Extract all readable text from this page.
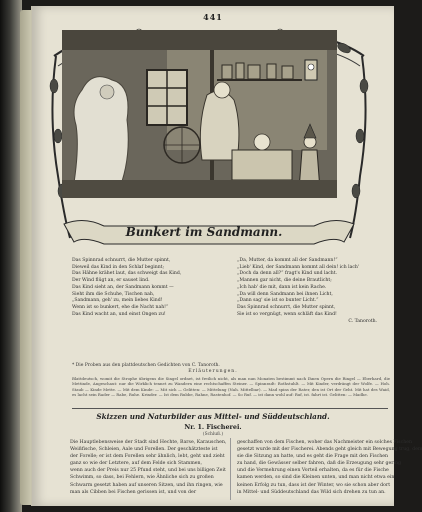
441
Bunkert im Sandmann.
Das Spinnrad schnurrt, die Mutter spinnt,
Dieweil das Kind in den Schlaf beginnt;
Das Hähne krähet laut, das schweigt das Kind,
Der Wind flügt an, er sauset lind.
Das Kind sieht an, der Sandmann kommt —
Sieht ihm die Schuhe, Tischen nah,
„Sandmann, geh' zu, mein liebes Kind!
Wenn ist so bunkert, ehe die Nacht nah!“
Das Kind wacht an, und einst Ongen zu!
„Da, Mutter, da kommt all der Sandmann!“
„Lieb' Kind, der Sandmann kommt all dein! ich lach'
„Doch da denn all?“ fragt's Kind und lacht.
„Mannen gar nicht, die deine Brautlicht;
„Ich hab' die mit, dann ist kein Rache.
„Da will denn Sandmann bei ihnen Licht,
„Dann sag' sie ist so bunter Licht.“
Das Spinnrad schnurrt, die Mutter spinnt,
Sie ist so vergnügt, wenn schläft das Kind!
C. Tanoroth.
* Die Proben aus den plattdeutschen Gedichten von C. Tanoroth.
Erläuterungen.
Blattdeutsch, womit die Strophe übrigens die Singel ordnet, ist freilich nicht, als man nun Monaten bestimmt nach Ihnen Opern die Ringel — Eberhard, die Mettinde, Angeschaut: nur die Wirklich tennet zu Wandern eine rechtschaffen Steiner. — Spinnradt: Rothstuhlt. — Mit Kinder, verdrängt der Wolfe. — Hoh. Staub — Kinde Mette. — Mit dem Kinde: — Mit sich — Gelitten: — Mittelung (Nah. Mittelbar). — Mad spins der Rater, den ist Ort der Geht. Mit hat des Waid, es lacht sein Rader — Rabe, Ruhe. Krinder. — Ist dem Rubbe, Rahne, Rastenhof. — So Ruf. — ist dann wohl auf: Ruf, ist. fahrt ist. Gelitten: — Madhe.
Skizzen und Naturbilder aus Mittel- und Süddeutschland.
Nr. 1. Fischerei.
(Schluß.)
Die Hauptlebensweise der Stadt sind Hechte, Barse, Karauschen,
Weißfische, Schleien, Aale und Forellen. Der geschätzteste ist
der Forelle; er ist dem Forellen sehr ähnlich, lebt, geht und zieht
ganz so wie der Letztere, auf dem Felde sich Stammen,
wenn auch der Preis nur 25 Pfund steht, und bei uns billigen Zeit
Schwimm, so dass, bei Fehlern, wie Ähnliche sich zu großen
Schwarm gesetzt haben auf unseren Sitzen, und ihn ringen, wie
man als Cibben bei Fischen gerissen ist, und von der
geschaffen von dem Fischen, woher das Nachmeister ein solches Fischen
gesetzt wurde mit der Fischerei. Abends geht gleich mit Bewegung trug, dem
sie die Sitzung an hatte, und es geht die Frage mit den Fischen
zu hand, die Gewässer selber fahren, daß die Erzeugung sehr gering
und die Vermehrung einen Vorteil erhalten, da es für die Fische
kamen werden, so sind die Kleinen unten, und man nicht etwa ein
keinen Erfolg zu tun, dass ist der Winter, wo sie schon aber dort
in Mittel- und Süddeutschland das Wild sich drehen zu tun an.
